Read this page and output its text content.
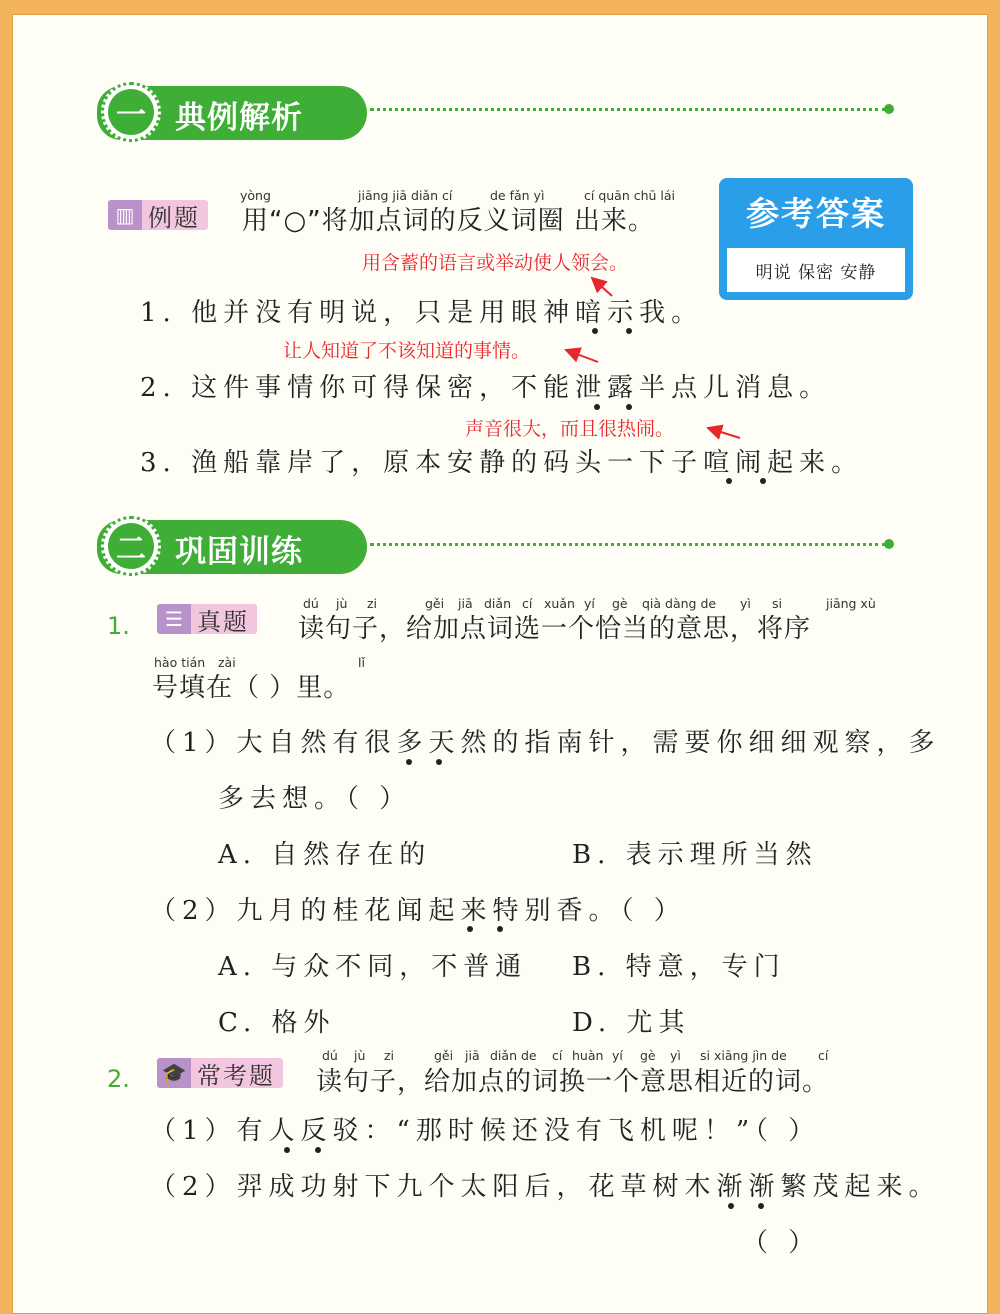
一 典例解析
▥ 例题
yòng	jiāng jiā diǎn cí	de fǎn yì	cí quān chū lái
用“○”将加点词的反义词圈 出来。	参考答案
明说 保密 安静
用含蓄的语言或举动使人领会。
让人知道了不该知道的事情。
声音很大，而且很热闹。
1. 他并没有明说，只是用眼神暗示我。
2. 这件事情你可得保密，不能泄露半点儿消息。
3. 渔船靠岸了，原本安静的码头一下子喧闹起来。
二 巩固训练
1.	☰ 真题
dú jù zi	gěi jiā diǎn cí xuǎn yí gè qià dàng de yì si	jiāng xù
读句子，给加点词选一个恰当的意思，将序
hào tián zài	lǐ
号填在（ ）里。
（1）大自然有很多天然的指南针，需要你细细观察，多
多去想。（ ）
A. 自然存在的	B. 表示理所当然
（2）九月的桂花闻起来特别香。（ ）
A. 与众不同，不普通 B. 特意，专门
C. 格外	D. 尤其
2. 🎓 常考题
dú jù zi	gěi jiā diǎn de cí huàn yí gè yì si xiāng jìn de cí
读句子，给加点的词换一个意思相近的词。
（1）有人反驳：“那时候还没有飞机呢！”
（ ）
（2）羿成功射下九个太阳后，花草树木渐渐繁茂起来。
（ ）
